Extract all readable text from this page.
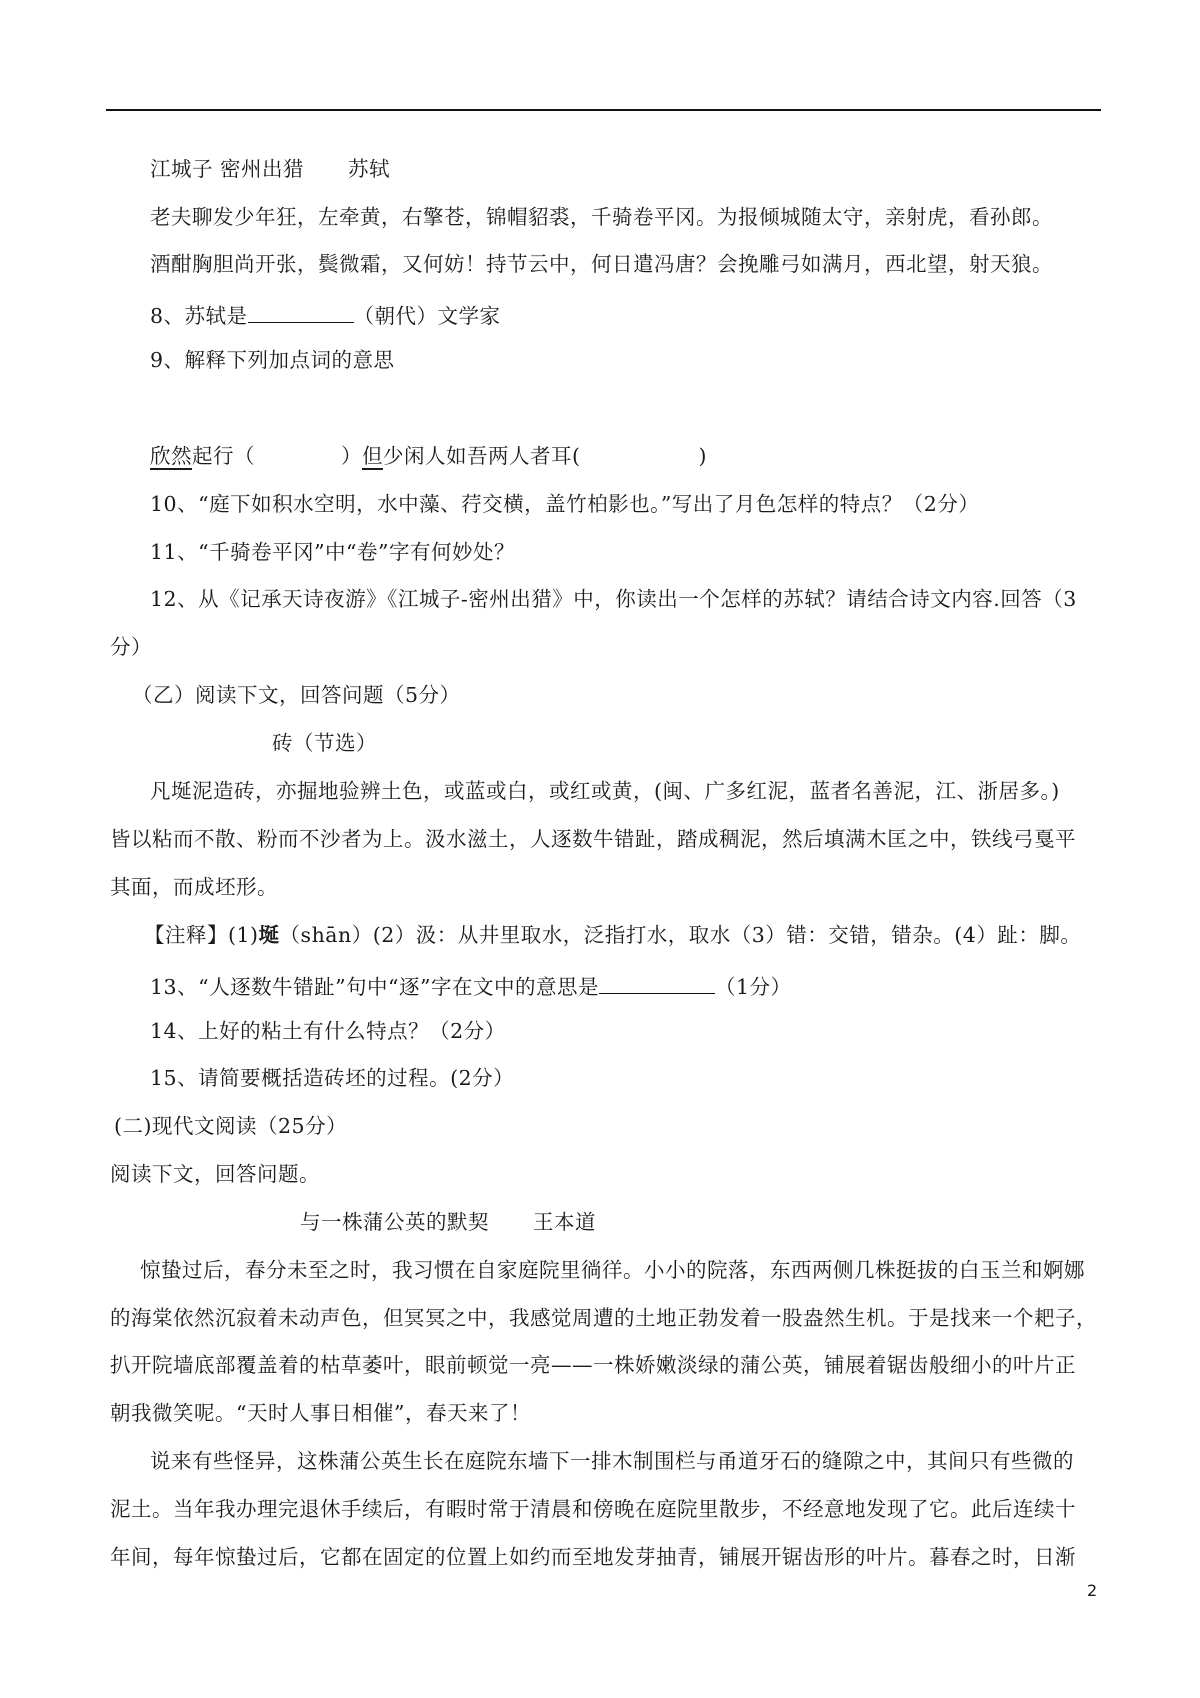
江城子 密州出猎 苏轼
老夫聊发少年狂，左牵黄，右擎苍，锦帽貂裘，千骑卷平冈。为报倾城随太守，亲射虎，看孙郎。
酒酣胸胆尚开张，鬓微霜，又何妨！持节云中，何日遣冯唐？会挽雕弓如满月，西北望，射天狼。
8、苏轼是	（朝代）文学家
9、解释下列加点词的意思
欣然起行（	）但少闲人如吾两人者耳(	)
10、“庭下如积水空明，水中藻、荇交横，盖竹柏影也。”写出了月色怎样的特点？（2分）
11、“千骑卷平冈”中“卷”字有何妙处？
12、从《记承天诗夜游》《江城子-密州出猎》中，你读出一个怎样的苏轼？请结合诗文内容.回答（3
分）
（乙）阅读下文，回答问题（5分）
砖（节选）
凡埏泥造砖，亦掘地验辨土色，或蓝或白，或红或黄，(闽、广多红泥，蓝者名善泥，江、浙居多。)
皆以粘而不散、粉而不沙者为上。汲水滋土，人逐数牛错趾，踏成稠泥，然后填满木匡之中，铁线弓戛平
其面，而成坯形。
【注释】(1)埏（shān）(2）汲：从井里取水，泛指打水，取水（3）错：交错，错杂。(4）趾：脚。
13、“人逐数牛错趾”句中“逐”字在文中的意思是	（1分）
14、上好的粘土有什么特点？（2分）
15、请简要概括造砖坯的过程。(2分）
(二)现代文阅读（25分）
阅读下文，回答问题。
与一株蒲公英的默契 王本道
惊蛰过后，春分未至之时，我习惯在自家庭院里徜徉。小小的院落，东西两侧几株挺拔的白玉兰和婀娜
的海棠依然沉寂着未动声色，但冥冥之中，我感觉周遭的土地正勃发着一股盎然生机。于是找来一个耙子，
扒开院墙底部覆盖着的枯草萎叶，眼前顿觉一亮——一株娇嫩淡绿的蒲公英，铺展着锯齿般细小的叶片正
朝我微笑呢。“天时人事日相催”，春天来了！
说来有些怪异，这株蒲公英生长在庭院东墙下一排木制围栏与甬道牙石的缝隙之中，其间只有些微的
泥土。当年我办理完退休手续后，有暇时常于清晨和傍晚在庭院里散步，不经意地发现了它。此后连续十
年间，每年惊蛰过后，它都在固定的位置上如约而至地发芽抽青，铺展开锯齿形的叶片。暮春之时，日渐
2
